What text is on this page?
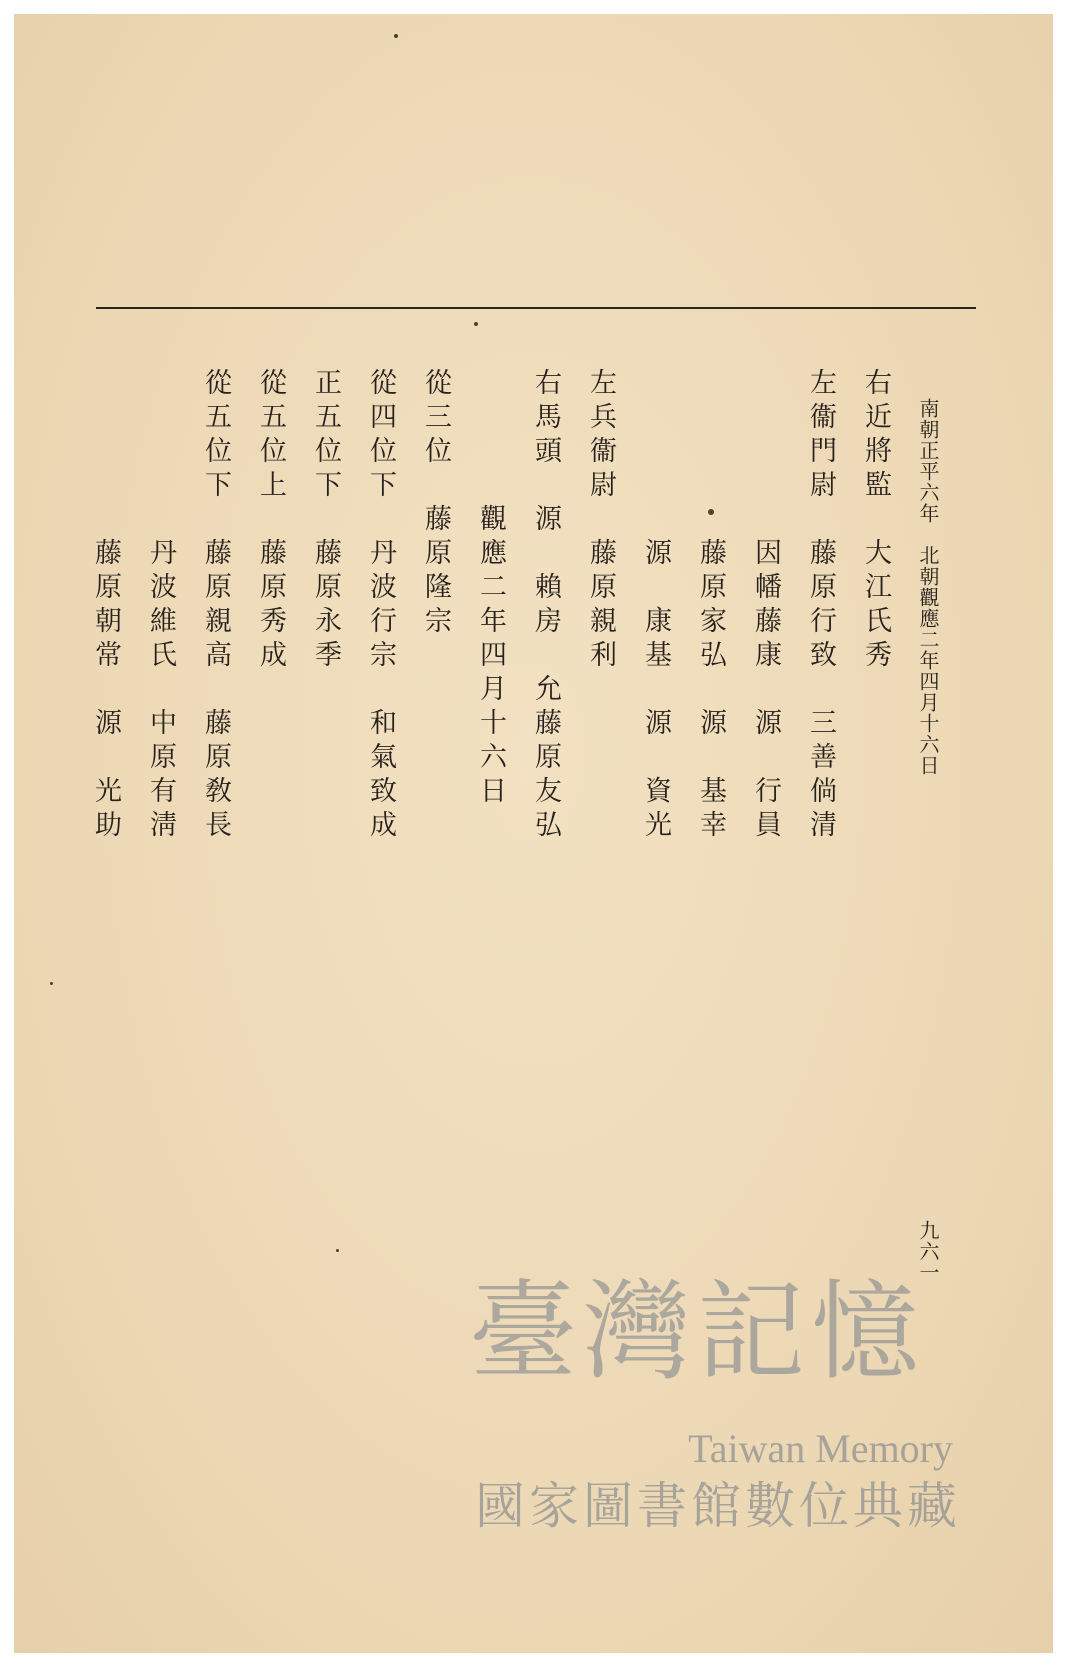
南朝正平六年　北朝觀應二年四月十六日
九六一
右近將監　大江氏秀
左衞門尉　藤原行致　三善倘清
因幡藤康　源　行員
藤原家弘　源　基幸
源　康基　源　資光
左兵衞尉　藤原親利
右馬頭　源　賴房　允藤原友弘
觀應二年四月十六日
從三位　藤原隆宗
從四位下　丹波行宗　和氣致成
正五位下　藤原永季
從五位上　藤原秀成
從五位下　藤原親高　藤原敎長
丹波維氏　中原有淸
藤原朝常　源　光助
臺灣記憶
Taiwan Memory
國家圖書館數位典藏
